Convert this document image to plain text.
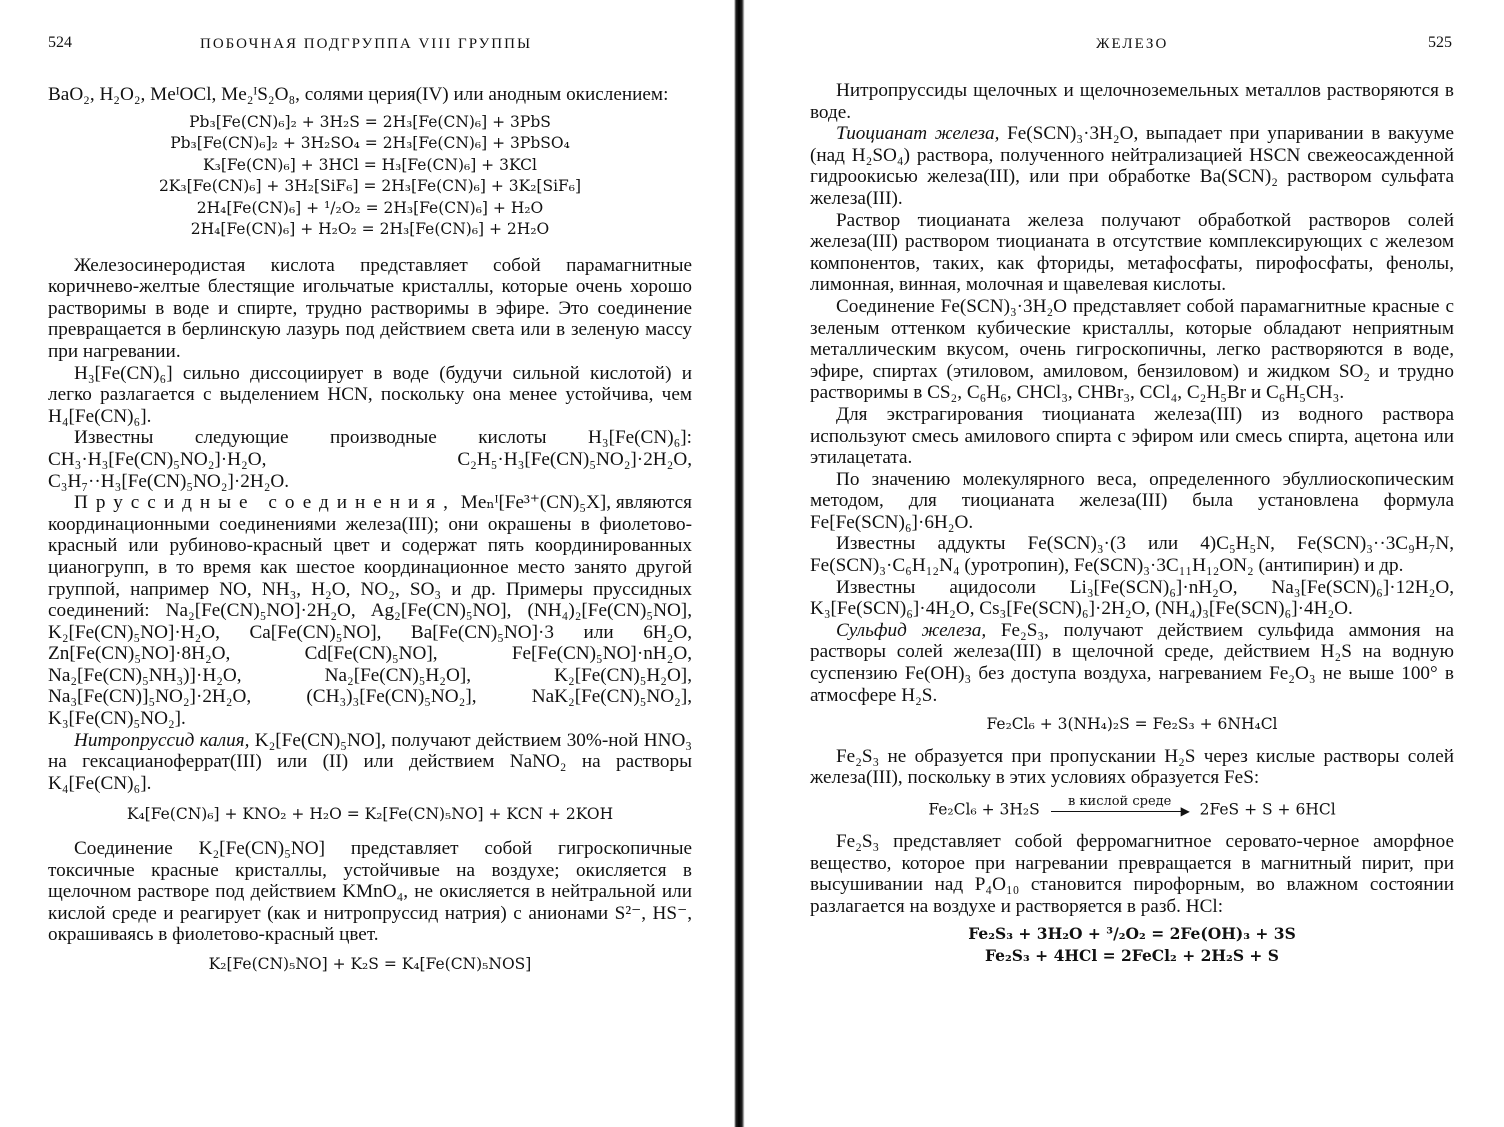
524	ПОБОЧНАЯ ПОДГРУППА VIII ГРУППЫ

BaO₂, H₂O₂, MeᴵOCl, Me₂ᴵS₂O₈, солями церия(IV) или анодным окислением:

Pb₃[Fe(CN)₆]₂ + 3H₂S = 2H₃[Fe(CN)₆] + 3PbS
Pb₃[Fe(CN)₆]₂ + 3H₂SO₄ = 2H₃[Fe(CN)₆] + 3PbSO₄
K₃[Fe(CN)₆] + 3HCl = H₃[Fe(CN)₆] + 3KCl
2K₃[Fe(CN)₆] + 3H₂[SiF₆] = 2H₃[Fe(CN)₆] + 3K₂[SiF₆]
2H₄[Fe(CN)₆] + ¹/₂O₂ = 2H₃[Fe(CN)₆] + H₂O
2H₄[Fe(CN)₆] + H₂O₂ = 2H₃[Fe(CN)₆] + 2H₂O

Железосинеродистая кислота представляет собой парамагнитные коричнево-желтые блестящие игольчатые кристаллы, которые очень хорошо растворимы в воде и спирте, трудно растворимы в эфире. Это соединение превращается в берлинскую лазурь под действием света или в зеленую массу при нагревании.

H₃[Fe(CN)₆] сильно диссоциирует в воде (будучи сильной кислотой) и легко разлагается с выделением HCN, поскольку она менее устойчива, чем H₄[Fe(CN)₆].

Известны следующие производные кислоты H₃[Fe(CN)₆]: CH₃·H₃[Fe(CN)₅NO₂]·H₂O, C₂H₅·H₃[Fe(CN)₅NO₂]·2H₂O, C₃H₇··H₃[Fe(CN)₅NO₂]·2H₂O.

Пруссидные соединения, Meₙᴵ[Fe³⁺(CN)₅X], являются координационными соединениями железа(III); они окрашены в фиолетово-красный или рубиново-красный цвет и содержат пять координированных цианогрупп, в то время как шестое координационное место занято другой группой, например NO, NH₃, H₂O, NO₂, SO₃ и др. Примеры пруссидных соединений: Na₂[Fe(CN)₅NO]·2H₂O, Ag₂[Fe(CN)₅NO], (NH₄)₂[Fe(CN)₅NO], K₂[Fe(CN)₅NO]·H₂O, Ca[Fe(CN)₅NO], Ba[Fe(CN)₅NO]·3 или 6H₂O, Zn[Fe(CN)₅NO]·8H₂O, Cd[Fe(CN)₅NO], Fe[Fe(CN)₅NO]·nH₂O, Na₂[Fe(CN)₅NH₃)]·H₂O, Na₂[Fe(CN)₅H₂O], K₂[Fe(CN)₅H₂O], Na₃[Fe(CN)]₅NO₂]·2H₂O, (CH₃)₃[Fe(CN)₅NO₂], NaK₂[Fe(CN)₅NO₂], K₃[Fe(CN)₅NO₂].

Нитропруссид калия, K₂[Fe(CN)₅NO], получают действием 30%-ной HNO₃ на гексацианоферрат(III) или (II) или действием NaNO₂ на растворы K₄[Fe(CN)₆].

K₄[Fe(CN)₆] + KNO₂ + H₂O = K₂[Fe(CN)₅NO] + KCN + 2KOH

Соединение K₂[Fe(CN)₅NO] представляет собой гигроскопичные токсичные красные кристаллы, устойчивые на воздухе; окисляется в щелочном растворе под действием KMnO₄, не окисляется в нейтральной или кислой среде и реагирует (как и нитропруссид натрия) с анионами S²⁻, HS⁻, окрашиваясь в фиолетово-красный цвет.

K₂[Fe(CN)₅NO] + K₂S = K₄[Fe(CN)₅NOS]
ЖЕЛЕЗО	525

Нитропруссиды щелочных и щелочноземельных металлов растворяются в воде.

Тиоцианат железа, Fe(SCN)₃·3H₂O, выпадает при упаривании в вакууме (над H₂SO₄) раствора, полученного нейтрализацией HSCN свежеосажденной гидроокисью железа(III), или при обработке Ba(SCN)₂ раствором сульфата железа(III).

Раствор тиоцианата железа получают обработкой растворов солей железа(III) раствором тиоцианата в отсутствие комплексирующих с железом компонентов, таких, как фториды, метафосфаты, пирофосфаты, фенолы, лимонная, винная, молочная и щавелевая кислоты.

Соединение Fe(SCN)₃·3H₂O представляет собой парамагнитные красные с зеленым оттенком кубические кристаллы, которые обладают неприятным металлическим вкусом, очень гигроскопичны, легко растворяются в воде, эфире, спиртах (этиловом, амиловом, бензиловом) и жидком SO₂ и трудно растворимы в CS₂, C₆H₆, CHCl₃, CHBr₃, CCl₄, C₂H₅Br и C₆H₅CH₃.

Для экстрагирования тиоцианата железа(III) из водного раствора используют смесь амилового спирта с эфиром или смесь спирта, ацетона или этилацетата.

По значению молекулярного веса, определенного эбуллиоскопическим методом, для тиоцианата железа(III) была установлена формула Fe[Fe(SCN)₆]·6H₂O.

Известны аддукты Fe(SCN)₃·(3 или 4)C₅H₅N, Fe(SCN)₃··3C₉H₇N, Fe(SCN)₃·C₆H₁₂N₄ (уротропин), Fe(SCN)₃·3C₁₁H₁₂ON₂ (антипирин) и др.

Известны ацидосоли Li₃[Fe(SCN)₆]·nH₂O, Na₃[Fe(SCN)₆]·12H₂O, K₃[Fe(SCN)₆]·4H₂O, Cs₃[Fe(SCN)₆]·2H₂O, (NH₄)₃[Fe(SCN)₆]·4H₂O.

Сульфид железа, Fe₂S₃, получают действием сульфида аммония на растворы солей железа(III) в щелочной среде, действием H₂S на водную суспензию Fe(OH)₃ без доступа воздуха, нагреванием Fe₂O₃ не выше 100° в атмосфере H₂S.

Fe₂Cl₆ + 3(NH₄)₂S = Fe₂S₃ + 6NH₄Cl

Fe₂S₃ не образуется при пропускании H₂S через кислые растворы солей железа(III), поскольку в этих условиях образуется FeS:

Fe₂Cl₆ + 3H₂S	в кислой среде
▶ 2FeS + S + 6HCl

Fe₂S₃ представляет собой ферромагнитное серовато-черное аморфное вещество, которое при нагревании превращается в магнитный пирит, при высушивании над P₄O₁₀ становится пирофорным, во влажном состоянии разлагается на воздухе и растворяется в разб. HCl:

Fe₂S₃ + 3H₂O + ³/₂O₂ = 2Fe(OH)₃ + 3S
Fe₂S₃ + 4HCl = 2FeCl₂ + 2H₂S + S
